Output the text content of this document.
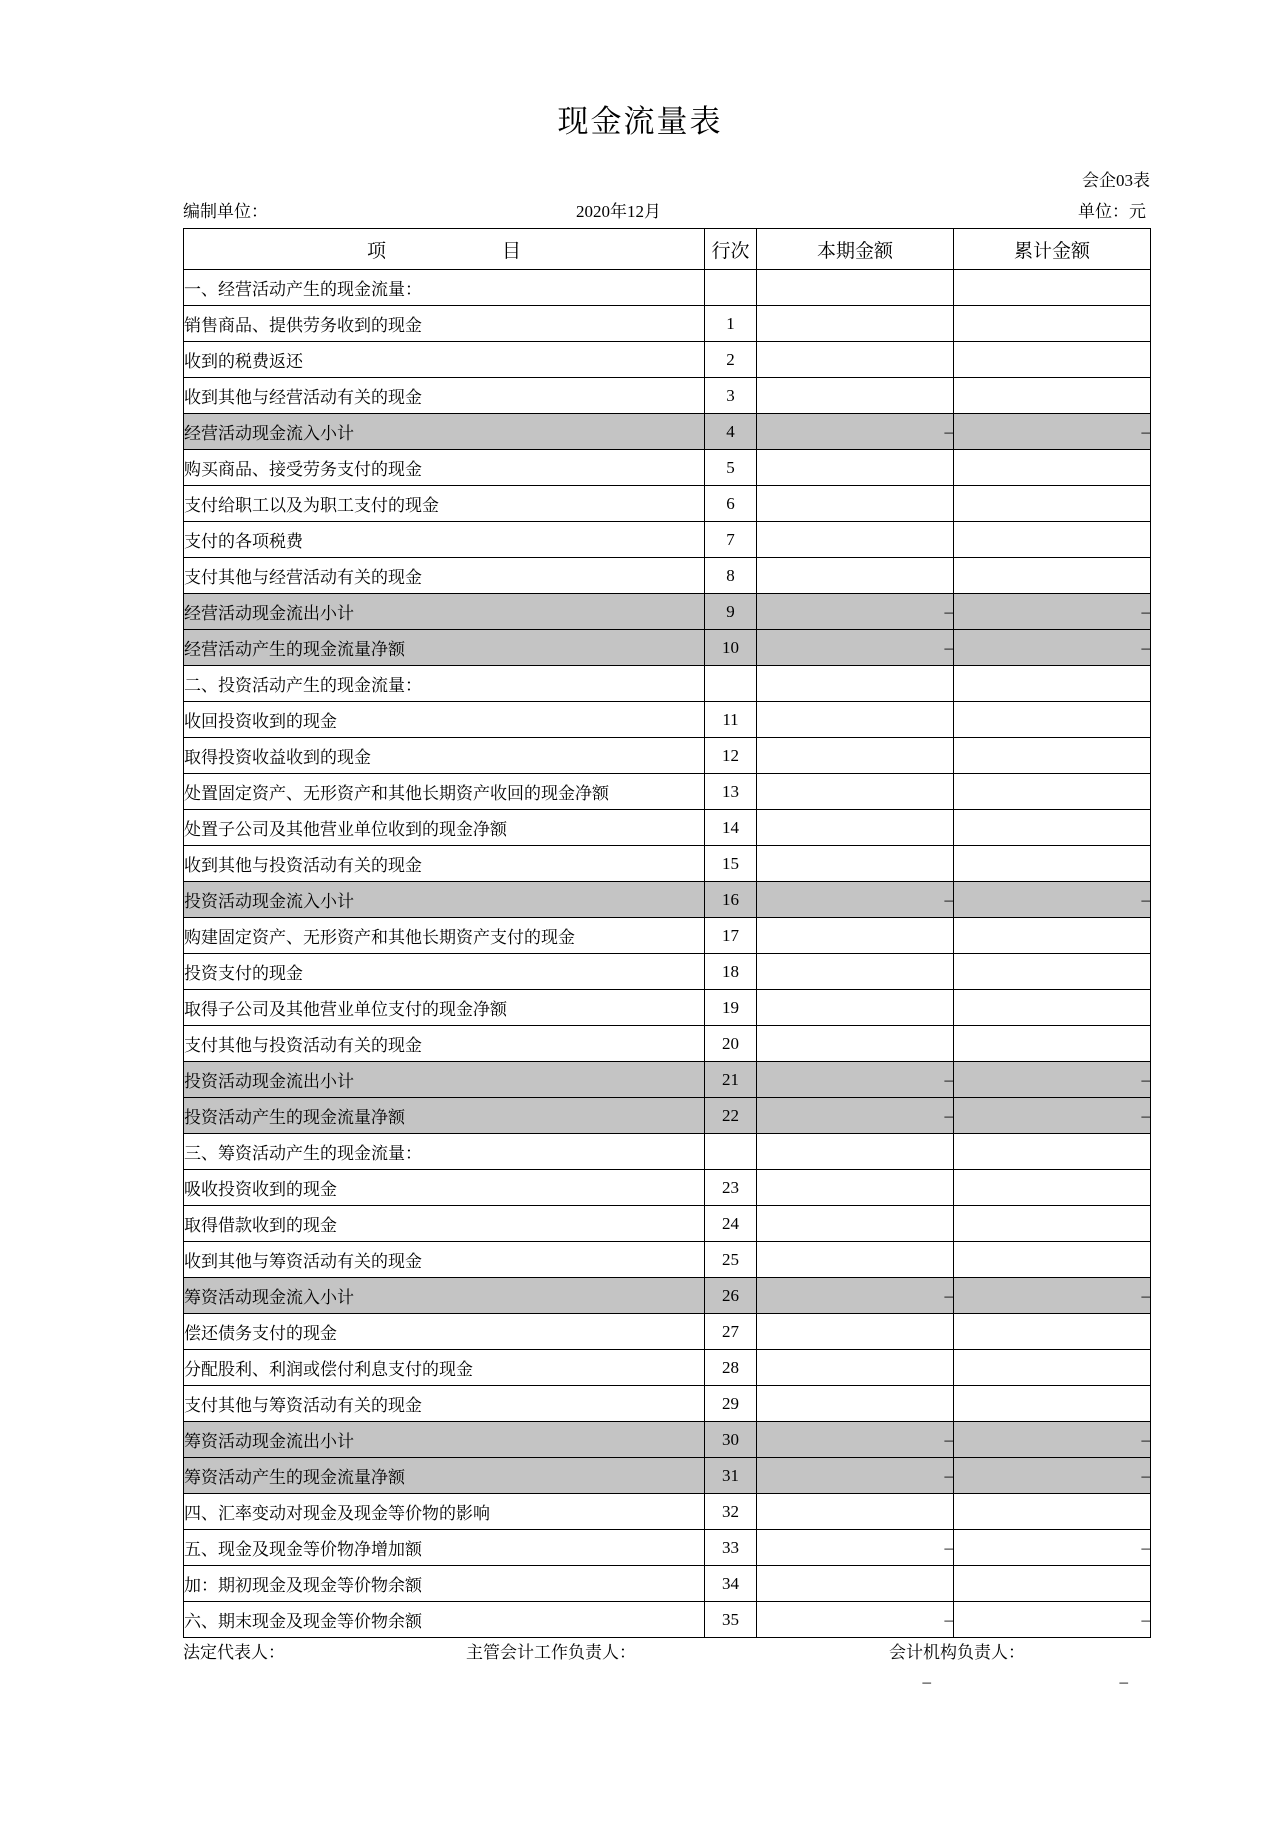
现金流量表
会企03表
编制单位：	2020年12月	单位：元
项　　目	行次	本期金额	累计金额
一、经营活动产生的现金流量：			
销售商品、提供劳务收到的现金	1		
收到的税费返还	2		
收到其他与经营活动有关的现金	3		
经营活动现金流入小计	4	–	–
购买商品、接受劳务支付的现金	5		
支付给职工以及为职工支付的现金	6		
支付的各项税费	7		
支付其他与经营活动有关的现金	8		
经营活动现金流出小计	9	–	–
经营活动产生的现金流量净额	10	–	–
二、投资活动产生的现金流量：			
收回投资收到的现金	11		
取得投资收益收到的现金	12		
处置固定资产、无形资产和其他长期资产收回的现金净额	13		
处置子公司及其他营业单位收到的现金净额	14		
收到其他与投资活动有关的现金	15		
投资活动现金流入小计	16	–	–
购建固定资产、无形资产和其他长期资产支付的现金	17		
投资支付的现金	18		
取得子公司及其他营业单位支付的现金净额	19		
支付其他与投资活动有关的现金	20		
投资活动现金流出小计	21	–	–
投资活动产生的现金流量净额	22	–	–
三、筹资活动产生的现金流量：			
吸收投资收到的现金	23		
取得借款收到的现金	24		
收到其他与筹资活动有关的现金	25		
筹资活动现金流入小计	26	–	–
偿还债务支付的现金	27		
分配股利、利润或偿付利息支付的现金	28		
支付其他与筹资活动有关的现金	29		
筹资活动现金流出小计	30	–	–
筹资活动产生的现金流量净额	31	–	–
四、汇率变动对现金及现金等价物的影响	32		
五、现金及现金等价物净增加额	33	–	–
加：期初现金及现金等价物余额	34		
六、期末现金及现金等价物余额	35	–	–
法定代表人：	主管会计工作负责人：	会计机构负责人：
–	–
